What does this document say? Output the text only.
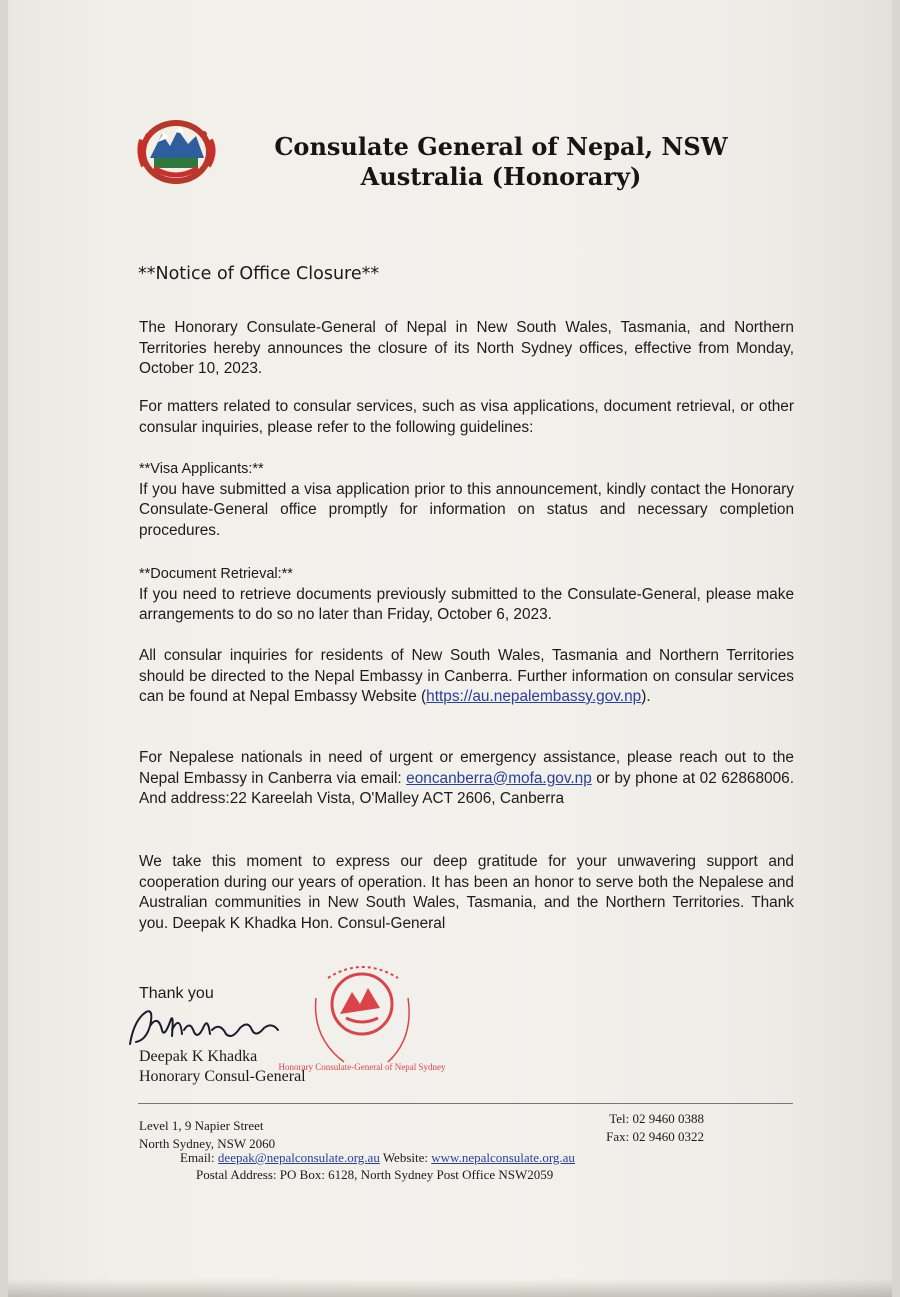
Consulate General of Nepal, NSW
Australia (Honorary)
**Notice of Office Closure**
The Honorary Consulate-General of Nepal in New South Wales, Tasmania, and Northern Territories hereby announces the closure of its North Sydney offices, effective from Monday, October 10, 2023.
For matters related to consular services, such as visa applications, document retrieval, or other consular inquiries, please refer to the following guidelines:
**Visa Applicants:**
If you have submitted a visa application prior to this announcement, kindly contact the Honorary Consulate-General office promptly for information on status and necessary completion procedures.
**Document Retrieval:**
If you need to retrieve documents previously submitted to the Consulate-General, please make arrangements to do so no later than Friday, October 6, 2023.
All consular inquiries for residents of New South Wales, Tasmania and Northern Territories should be directed to the Nepal Embassy in Canberra. Further information on consular services can be found at Nepal Embassy Website (https://au.nepalembassy.gov.np).
For Nepalese nationals in need of urgent or emergency assistance, please reach out to the Nepal Embassy in Canberra via email: eoncanberra@mofa.gov.np or by phone at 02 62868006. And address:22 Kareelah Vista, O'Malley ACT 2606, Canberra
We take this moment to express our deep gratitude for your unwavering support and cooperation during our years of operation. It has been an honor to serve both the Nepalese and Australian communities in New South Wales, Tasmania, and the Northern Territories. Thank you. Deepak K Khadka Hon. Consul-General
Thank you
Deepak K Khadka
Honorary Consul-General
Honorary Consulate-General of Nepal Sydney
Level 1, 9 Napier Street
North Sydney, NSW 2060
Tel: 02 9460 0388
Fax: 02 9460 0322
Email: deepak@nepalconsulate.org.au Website: www.nepalconsulate.org.au
Postal Address: PO Box: 6128, North Sydney Post Office NSW2059
